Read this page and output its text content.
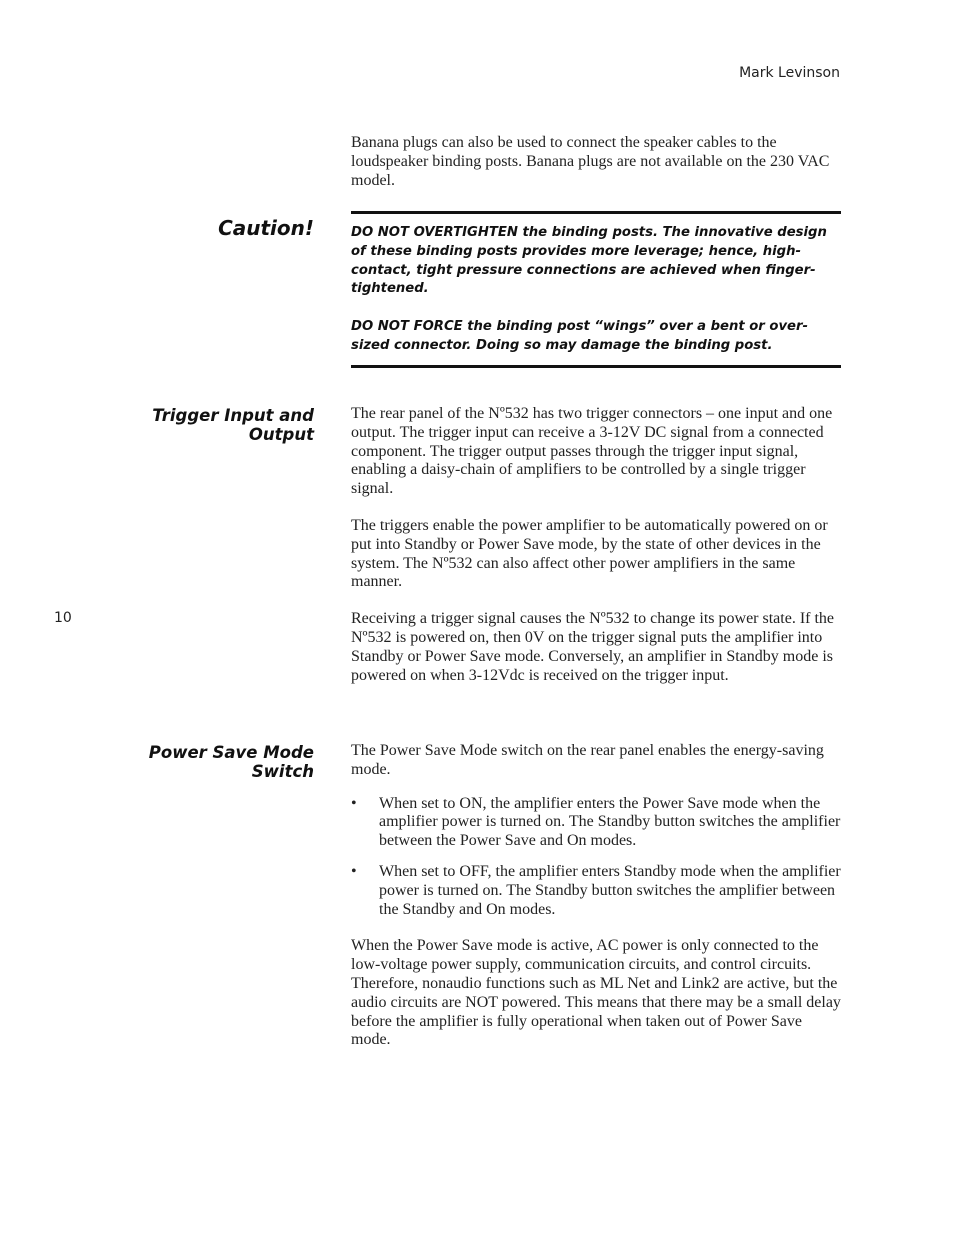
Mark Levinson

Banana plugs can also be used to connect the speaker cables to the loudspeaker binding posts. Banana plugs are not available on the 230 VAC model.

Caution!	DO NOT OVERTIGHTEN the binding posts. The innovative design of these binding posts provides more leverage; hence, high-contact, tight pressure connections are achieved when finger-tightened.

DO NOT FORCE the binding post “wings” over a bent or over-sized connector. Doing so may damage the binding post.

Trigger Input and
Output

The rear panel of the Nº532 has two trigger connectors – one input and one output. The trigger input can receive a 3-12V DC signal from a connected component. The trigger output passes through the trigger input signal, enabling a daisy-chain of amplifiers to be controlled by a single trigger signal.

The triggers enable the power amplifier to be automatically powered on or put into Standby or Power Save mode, by the state of other devices in the system. The Nº532 can also affect other power amplifiers in the same manner.

Receiving a trigger signal causes the Nº532 to change its power state. If the Nº532 is powered on, then 0V on the trigger signal puts the amplifier into Standby or Power Save mode. Conversely, an amplifier in Standby mode is powered on when 3-12Vdc is received on the trigger input.

10
Power Save Mode
Switch

The Power Save Mode switch on the rear panel enables the energy-saving mode.

• When set to ON, the amplifier enters the Power Save mode when the amplifier power is turned on. The Standby button switches the amplifier between the Power Save and On modes.
• When set to OFF, the amplifier enters Standby mode when the amplifier power is turned on. The Standby button switches the amplifier between the Standby and On modes.

When the Power Save mode is active, AC power is only connected to the low-voltage power supply, communication circuits, and control circuits. Therefore, nonaudio functions such as ML Net and Link2 are active, but the audio circuits are NOT powered. This means that there may be a small delay before the amplifier is fully operational when taken out of Power Save mode.
